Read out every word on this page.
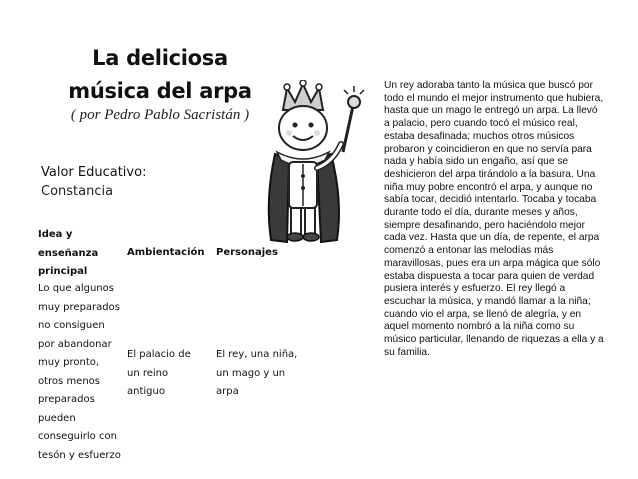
La deliciosa
música del arpa
( por Pedro Pablo Sacristán )
Valor Educativo:
Constancia
Idea y enseñanza principal
Ambientación Personajes
Lo que algunos muy preparados no consiguen por abandonar muy pronto, otros menos preparados pueden conseguirlo con tesón y esfuerzo
El palacio de un reino antiguo
El rey, una niña, un mago y un arpa
Un rey adoraba tanto la música que buscó por todo el mundo el mejor instrumento que hubiera, hasta que un mago le entregó un arpa. La llevó a palacio, pero cuando tocó el músico real, estaba desafinada; muchos otros músicos probaron y coincidieron en que no servía para nada y había sido un engaño, así que se deshicieron del arpa tirándolo a la basura. Una niña muy pobre encontró el arpa, y aunque no sabía tocar, decidió intentarlo. Tocaba y tocaba durante todo el día, durante meses y años, siempre desafinando, pero haciéndolo mejor cada vez. Hasta que un día, de repente, el arpa comenzó a entonar las melodías más maravillosas, pues era un arpa mágica que sólo estaba dispuesta a tocar para quien de verdad pusiera interés y esfuerzo. El rey llegó a escuchar la música, y mandó llamar a la niña; cuando vio el arpa, se llenó de alegría, y en aquel momento nombró a la niña como su músico particular, llenando de riquezas a ella y a su familia.
